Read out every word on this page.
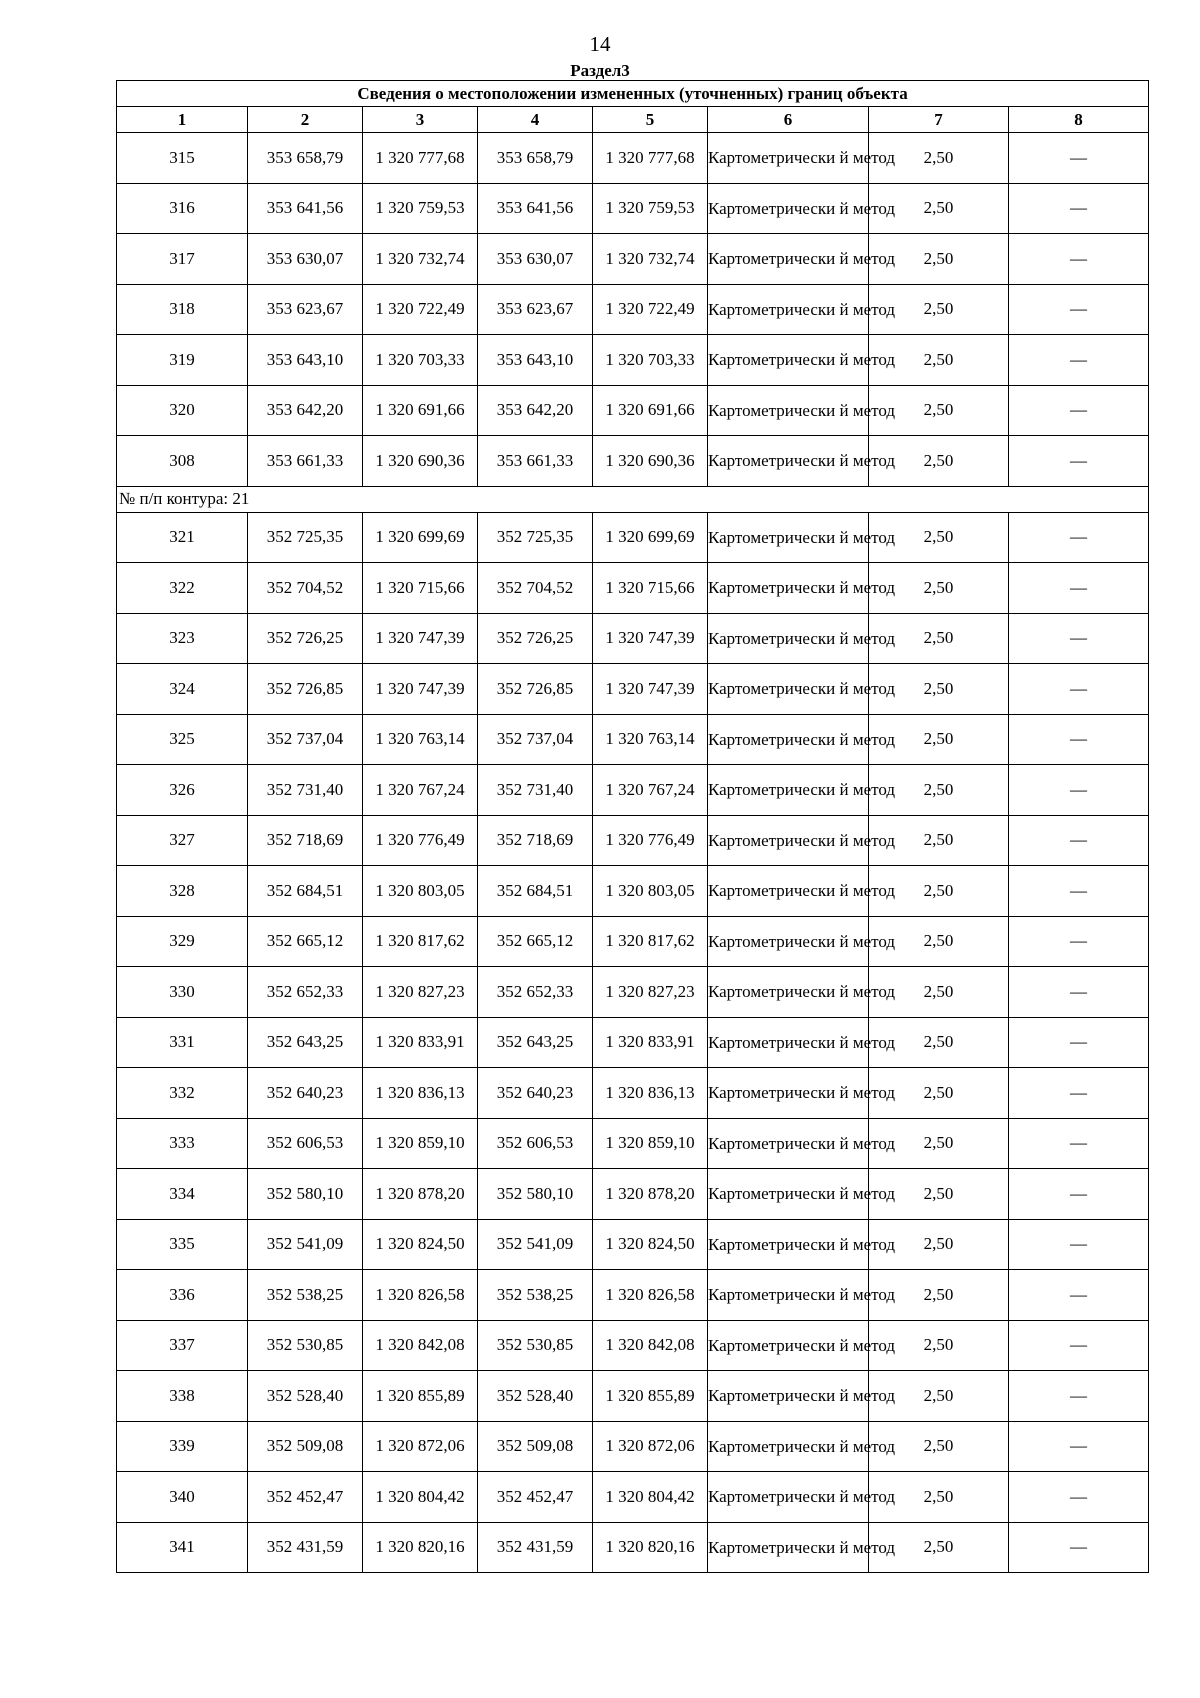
14
Раздел3
Сведения о местоположении измененных (уточненных) границ объекта							
1	2	3	4	5	6	7	8
315	353 658,79	1 320 777,68	353 658,79	1 320 777,68	Картометрически й метод	2,50	—
316	353 641,56	1 320 759,53	353 641,56	1 320 759,53	Картометрически й метод	2,50	—
317	353 630,07	1 320 732,74	353 630,07	1 320 732,74	Картометрически й метод	2,50	—
318	353 623,67	1 320 722,49	353 623,67	1 320 722,49	Картометрически й метод	2,50	—
319	353 643,10	1 320 703,33	353 643,10	1 320 703,33	Картометрически й метод	2,50	—
320	353 642,20	1 320 691,66	353 642,20	1 320 691,66	Картометрически й метод	2,50	—
308	353 661,33	1 320 690,36	353 661,33	1 320 690,36	Картометрически й метод	2,50	—
№ п/п контура: 21							
321	352 725,35	1 320 699,69	352 725,35	1 320 699,69	Картометрически й метод	2,50	—
322	352 704,52	1 320 715,66	352 704,52	1 320 715,66	Картометрически й метод	2,50	—
323	352 726,25	1 320 747,39	352 726,25	1 320 747,39	Картометрически й метод	2,50	—
324	352 726,85	1 320 747,39	352 726,85	1 320 747,39	Картометрически й метод	2,50	—
325	352 737,04	1 320 763,14	352 737,04	1 320 763,14	Картометрически й метод	2,50	—
326	352 731,40	1 320 767,24	352 731,40	1 320 767,24	Картометрически й метод	2,50	—
327	352 718,69	1 320 776,49	352 718,69	1 320 776,49	Картометрически й метод	2,50	—
328	352 684,51	1 320 803,05	352 684,51	1 320 803,05	Картометрически й метод	2,50	—
329	352 665,12	1 320 817,62	352 665,12	1 320 817,62	Картометрически й метод	2,50	—
330	352 652,33	1 320 827,23	352 652,33	1 320 827,23	Картометрически й метод	2,50	—
331	352 643,25	1 320 833,91	352 643,25	1 320 833,91	Картометрически й метод	2,50	—
332	352 640,23	1 320 836,13	352 640,23	1 320 836,13	Картометрически й метод	2,50	—
333	352 606,53	1 320 859,10	352 606,53	1 320 859,10	Картометрически й метод	2,50	—
334	352 580,10	1 320 878,20	352 580,10	1 320 878,20	Картометрически й метод	2,50	—
335	352 541,09	1 320 824,50	352 541,09	1 320 824,50	Картометрически й метод	2,50	—
336	352 538,25	1 320 826,58	352 538,25	1 320 826,58	Картометрически й метод	2,50	—
337	352 530,85	1 320 842,08	352 530,85	1 320 842,08	Картометрически й метод	2,50	—
338	352 528,40	1 320 855,89	352 528,40	1 320 855,89	Картометрически й метод	2,50	—
339	352 509,08	1 320 872,06	352 509,08	1 320 872,06	Картометрически й метод	2,50	—
340	352 452,47	1 320 804,42	352 452,47	1 320 804,42	Картометрически й метод	2,50	—
341	352 431,59	1 320 820,16	352 431,59	1 320 820,16	Картометрически й метод	2,50	—
